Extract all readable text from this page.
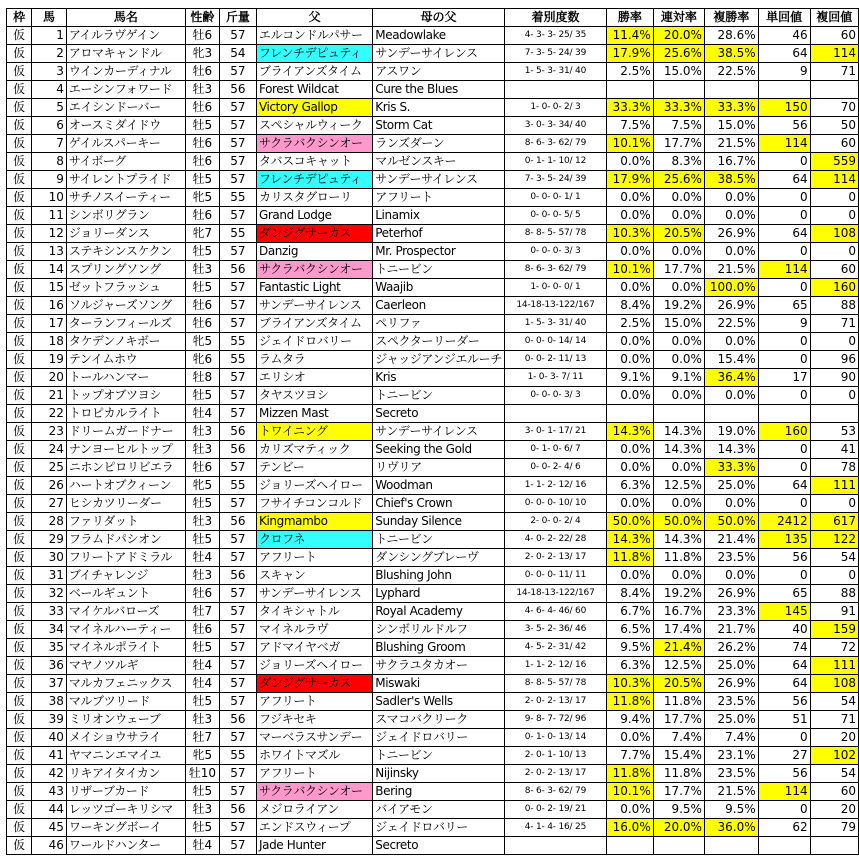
枠	馬	馬名	性齢	斤量	父	母の父	着別度数	勝率	連対率	複勝率	単回値	複回値
仮	1	アイルラヴゲイン	牡6	57	エルコンドルパサー	Meadowlake	4- 3- 3- 25/ 35	11.4%	20.0%	28.6%	46	60
仮	2	アロマキャンドル	牝3	54	フレンチデピュティ	サンデーサイレンス	7- 3- 5- 24/ 39	17.9%	25.6%	38.5%	64	114
仮	3	ウインカーディナル	牡6	57	ブライアンズタイム	アスワン	1- 5- 3- 31/ 40	2.5%	15.0%	22.5%	9	71
仮	4	エーシンフォワード	牡3	56	Forest Wildcat	Cure the Blues						
仮	5	エイシンドーバー	牡6	57	Victory Gallop	Kris S.	1- 0- 0- 2/ 3	33.3%	33.3%	33.3%	150	70
仮	6	オースミダイドウ	牡5	57	スペシャルウィーク	Storm Cat	3- 0- 3- 34/ 40	7.5%	7.5%	15.0%	56	50
仮	7	ゲイルスパーキー	牡6	57	サクラバクシンオー	ランズダーン	8- 6- 3- 62/ 79	10.1%	17.7%	21.5%	114	60
仮	8	サイボーグ	牡6	57	タバスコキャット	マルゼンスキー	0- 1- 1- 10/ 12	0.0%	8.3%	16.7%	0	559
仮	9	サイレントプライド	牡5	57	フレンチデピュティ	サンデーサイレンス	7- 3- 5- 24/ 39	17.9%	25.6%	38.5%	64	114
仮	10	サチノスイーティー	牝5	55	カリスタグローリ	アフリート	0- 0- 0- 1/ 1	0.0%	0.0%	0.0%	0	0
仮	11	シンボリグラン	牡6	57	Grand Lodge	Linamix	0- 0- 0- 5/ 5	0.0%	0.0%	0.0%	0	0
仮	12	ジョリーダンス	牝7	55	ダンジグサーカス	Peterhof	8- 8- 5- 57/ 78	10.3%	20.5%	26.9%	64	108
仮	13	ステキシンスケクン	牡5	57	Danzig	Mr. Prospector	0- 0- 0- 3/ 3	0.0%	0.0%	0.0%	0	0
仮	14	スプリングソング	牡3	56	サクラバクシンオー	トニービン	8- 6- 3- 62/ 79	10.1%	17.7%	21.5%	114	60
仮	15	ゼットフラッシュ	牡5	57	Fantastic Light	Waajib	1- 0- 0- 0/ 1	0.0%	0.0%	100.0%	0	160
仮	16	ソルジャーズソング	牡6	57	サンデーサイレンス	Caerleon	14-18-13-122/167	8.4%	19.2%	26.9%	65	88
仮	17	ターランフィールズ	牡6	57	ブライアンズタイム	ペリファ	1- 5- 3- 31/ 40	2.5%	15.0%	22.5%	9	71
仮	18	タケデンノキボー	牝5	55	ジェイドロバリー	スペクターリーダー	0- 0- 0- 14/ 14	0.0%	0.0%	0.0%	0	0
仮	19	テンイムホウ	牝6	55	ラムタラ	ジャッジアンジエルーチ	0- 0- 2- 11/ 13	0.0%	0.0%	15.4%	0	96
仮	20	トールハンマー	牡8	57	エリシオ	Kris	1- 0- 3- 7/ 11	9.1%	9.1%	36.4%	17	90
仮	21	トップオブツヨシ	牡5	57	タヤスツヨシ	トニービン	0- 0- 0- 3/ 3	0.0%	0.0%	0.0%	0	0
仮	22	トロピカルライト	牡4	57	Mizzen Mast	Secreto						
仮	23	ドリームガードナー	牡3	56	トワイニング	サンデーサイレンス	3- 0- 1- 17/ 21	14.3%	14.3%	19.0%	160	53
仮	24	ナンヨーヒルトップ	牡3	56	カリズマティック	Seeking the Gold	0- 1- 0- 6/ 7	0.0%	14.3%	14.3%	0	41
仮	25	ニホンピロリビエラ	牡6	57	テンビー	リヴリア	0- 0- 2- 4/ 6	0.0%	0.0%	33.3%	0	78
仮	26	ハートオブクィーン	牝5	55	ジョリーズヘイロー	Woodman	1- 1- 2- 12/ 16	6.3%	12.5%	25.0%	64	111
仮	27	ヒシカツリーダー	牡5	57	フサイチコンコルド	Chief's Crown	0- 0- 0- 10/ 10	0.0%	0.0%	0.0%	0	0
仮	28	ファリダット	牡3	56	Kingmambo	Sunday Silence	2- 0- 0- 2/ 4	50.0%	50.0%	50.0%	2412	617
仮	29	フラムドパシオン	牡5	57	クロフネ	トニービン	4- 0- 2- 22/ 28	14.3%	14.3%	21.4%	135	122
仮	30	フリートアドミラル	牡4	57	アフリート	ダンシングブレーヴ	2- 0- 2- 13/ 17	11.8%	11.8%	23.5%	56	54
仮	31	ブイチャレンジ	牡3	56	スキャン	Blushing John	0- 0- 0- 11/ 11	0.0%	0.0%	0.0%	0	0
仮	32	ベールギュント	牡6	57	サンデーサイレンス	Lyphard	14-18-13-122/167	8.4%	19.2%	26.9%	65	88
仮	33	マイケルバローズ	牡7	57	タイキシャトル	Royal Academy	4- 6- 4- 46/ 60	6.7%	16.7%	23.3%	145	91
仮	34	マイネルハーティー	牡6	57	マイネルラヴ	シンボリルドルフ	3- 5- 2- 36/ 46	6.5%	17.4%	21.7%	40	159
仮	35	マイネルポライト	牡5	57	アドマイヤベガ	Blushing Groom	4- 5- 2- 31/ 42	9.5%	21.4%	26.2%	74	72
仮	36	マヤノツルギ	牡4	57	ジョリーズヘイロー	サクラユタカオー	1- 1- 2- 12/ 16	6.3%	12.5%	25.0%	64	111
仮	37	マルカフェニックス	牡4	57	ダンジグサーカス	Miswaki	8- 8- 5- 57/ 78	10.3%	20.5%	26.9%	64	108
仮	38	マルブツリード	牡5	57	アフリート	Sadler's Wells	2- 0- 2- 13/ 17	11.8%	11.8%	23.5%	56	54
仮	39	ミリオンウェーブ	牡3	56	フジキセキ	スマコバクリーク	9- 8- 7- 72/ 96	9.4%	17.7%	25.0%	51	71
仮	40	メイショウサライ	牡7	57	マーベラスサンデー	ジェイドロバリー	0- 1- 0- 13/ 14	0.0%	7.4%	7.4%	0	20
仮	41	ヤマニンエマイユ	牝5	55	ホワイトマズル	トニービン	2- 0- 1- 10/ 13	7.7%	15.4%	23.1%	27	102
仮	42	リキアイタイカン	牡10	57	アフリート	Nijinsky	2- 0- 2- 13/ 17	11.8%	11.8%	23.5%	56	54
仮	43	リザーブカード	牡5	57	サクラバクシンオー	Bering	8- 6- 3- 62/ 79	10.1%	17.7%	21.5%	114	60
仮	44	レッツゴーキリシマ	牡3	56	メジロライアン	バイアモン	0- 0- 2- 19/ 21	0.0%	9.5%	9.5%	0	20
仮	45	ワーキングボーイ	牡5	57	エンドスウィープ	ジェイドロバリー	4- 1- 4- 16/ 25	16.0%	20.0%	36.0%	62	79
仮	46	ワールドハンター	牡4	57	Jade Hunter	Secreto						
